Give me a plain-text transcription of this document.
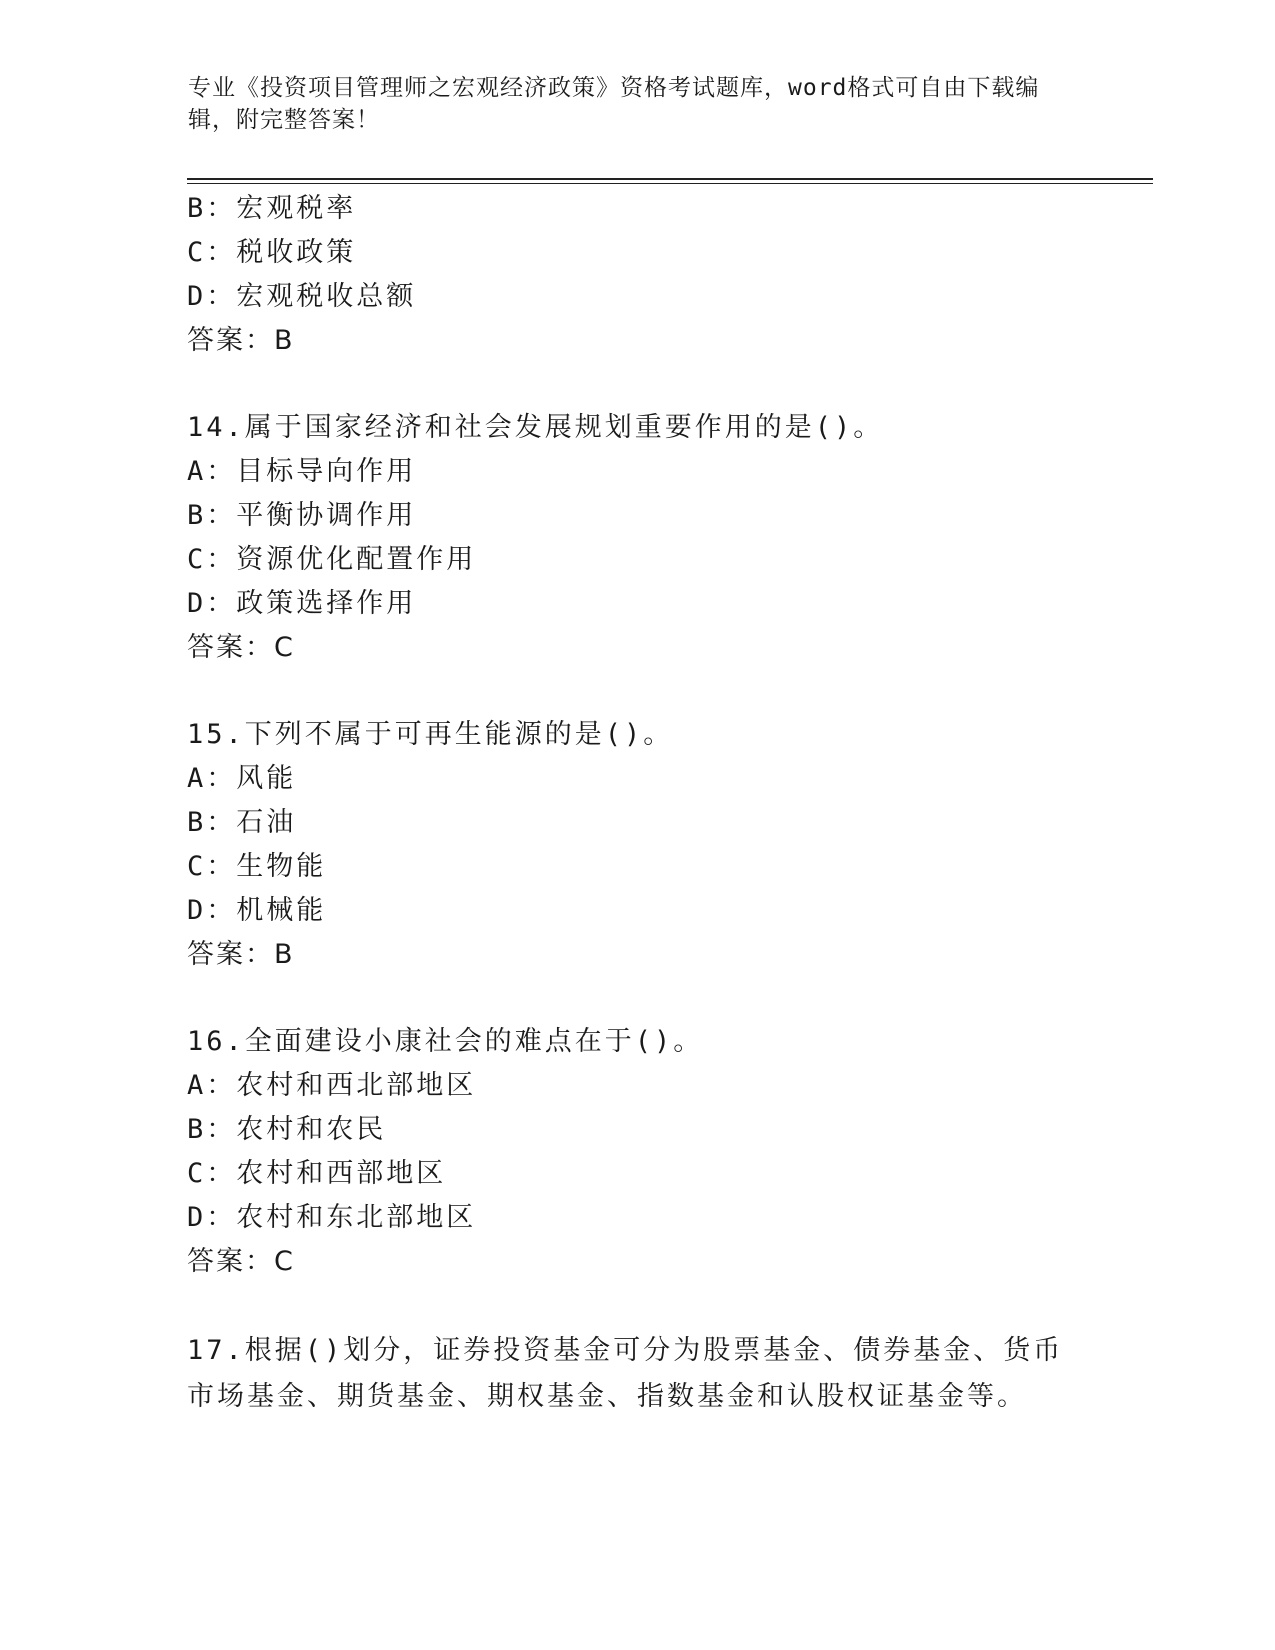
专业《投资项目管理师之宏观经济政策》资格考试题库，word格式可自由下载编辑，附完整答案！

B：宏观税率
C：税收政策
D：宏观税收总额
答案：B
14.属于国家经济和社会发展规划重要作用的是()。
A：目标导向作用
B：平衡协调作用
C：资源优化配置作用
D：政策选择作用
答案：C
15.下列不属于可再生能源的是()。
A：风能
B：石油
C：生物能
D：机械能
答案：B
16.全面建设小康社会的难点在于()。
A：农村和西北部地区
B：农村和农民
C：农村和西部地区
D：农村和东北部地区
答案：C

17.根据()划分，证券投资基金可分为股票基金、债券基金、货币市场基金、期货基金、期权基金、指数基金和认股权证基金等。
